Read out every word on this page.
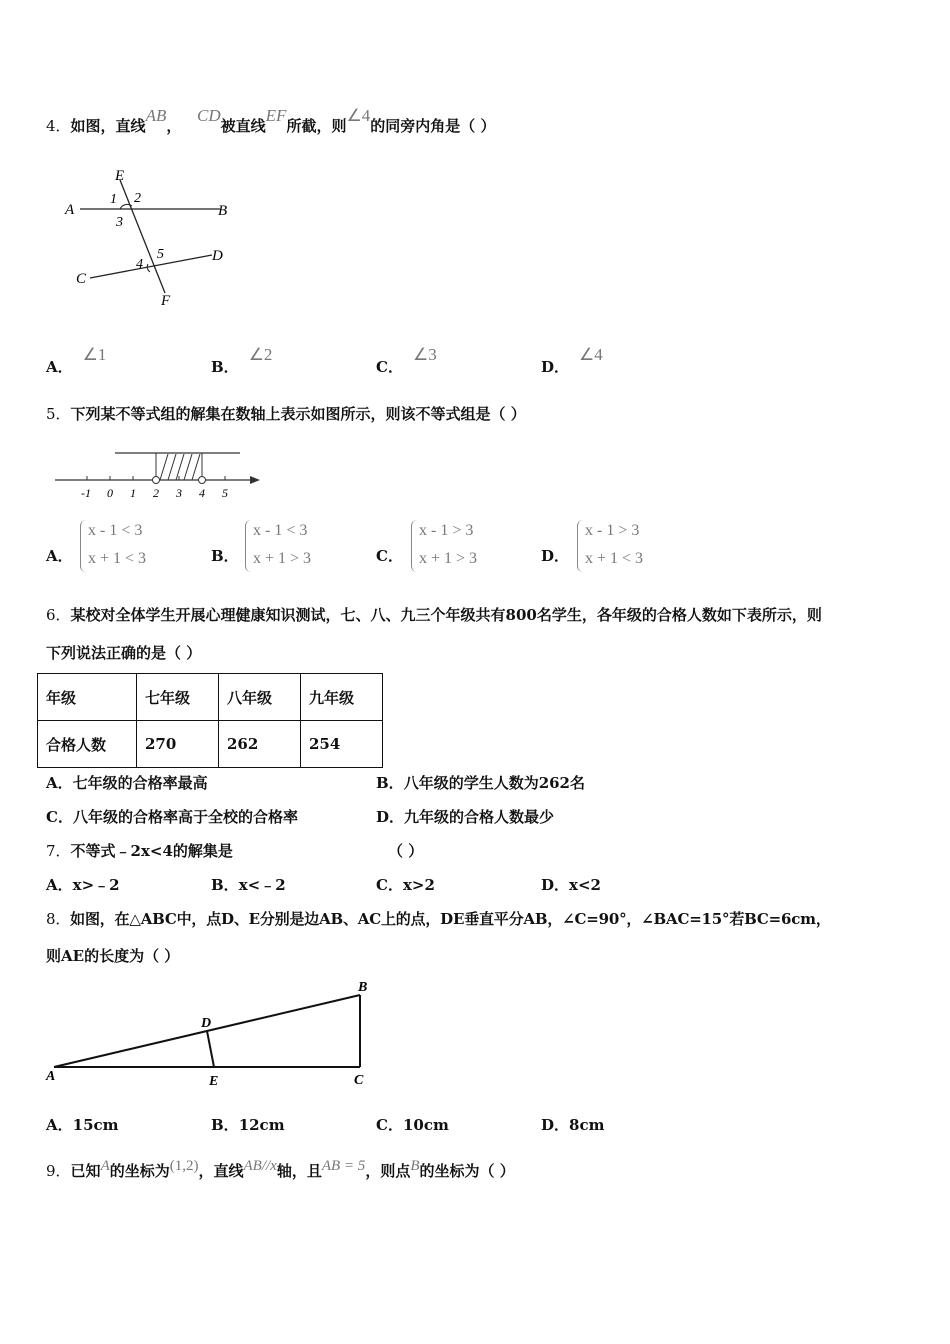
4．如图，直线AB，   CD被直线EF所截，则∠4的同旁内角是（ ）
E
1 2
A	B
3
5
4
D
C
F
A．∠1
B．∠2
C．∠3
D．∠4
5．下列某不等式组的解集在数轴上表示如图所示，则该不等式组是（ ）
-1 0 1 2 3 4 5
A．
x - 1 < 3
x + 1 < 3	B．
x - 1 < 3
x + 1 > 3	C．
x - 1 > 3
x + 1 > 3	D．
x - 1 > 3
x + 1 < 3
6．某校对全体学生开展心理健康知识测试，七、八、九三个年级共有800名学生，各年级的合格人数如下表所示，则
下列说法正确的是（ ）
年级	七年级	八年级	九年级
合格人数	270	262	254
A．七年级的合格率最高	B．八年级的学生人数为262名
C．八年级的合格率高于全校的合格率	D．九年级的合格人数最少
7．不等式﹣2x<4的解集是	（ ）
A．x>﹣2	B．x<﹣2	C．x>2	D．x<2
8．如图，在△ABC中，点D、E分别是边AB、AC上的点，DE垂直平分AB，∠C=90°，∠BAC=15°若BC=6cm，
则AE的长度为（ ）
B
D
A	E	C
A．15cm	B．12cm	C．10cm	D．8cm
9．已知A的坐标为(1,2)，直线AB//x轴，且AB = 5，则点B的坐标为（ ）
